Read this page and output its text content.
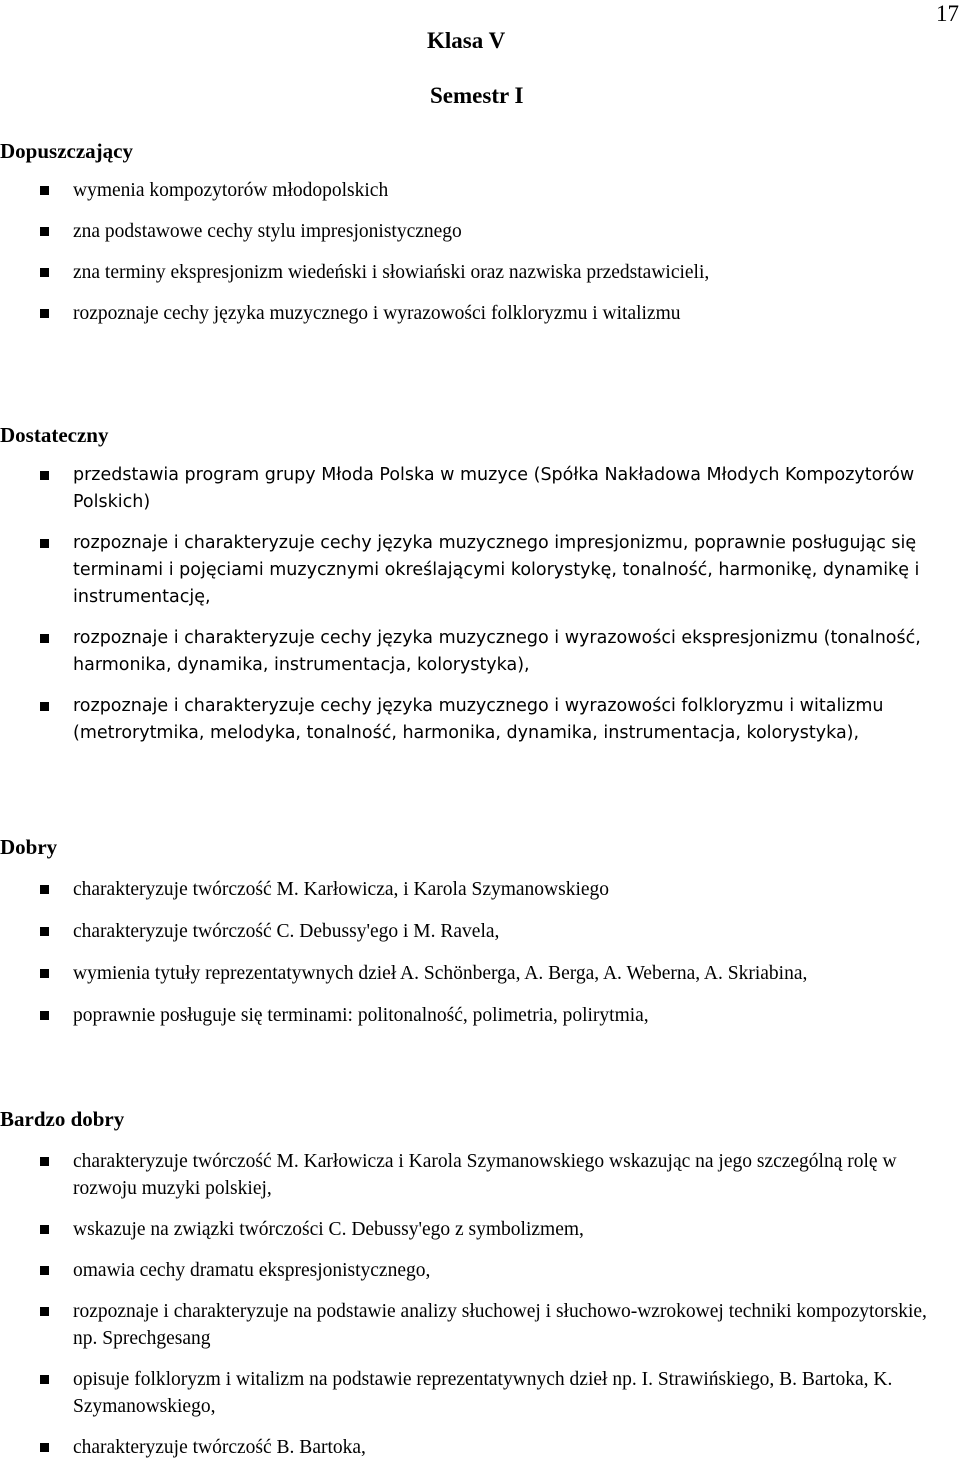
17
Klasa V
Semestr I
Dopuszczający
wymenia kompozytorów młodopolskich
zna podstawowe cechy stylu impresjonistycznego
zna terminy ekspresjonizm wiedeński i słowiański oraz nazwiska przedstawicieli,
rozpoznaje cechy języka muzycznego i wyrazowości folkloryzmu i witalizmu
Dostateczny
przedstawia program grupy Młoda Polska w muzyce (Spółka Nakładowa Młodych Kompozytorów Polskich)
rozpoznaje i charakteryzuje cechy języka muzycznego impresjonizmu, poprawnie posługując się terminami i pojęciami muzycznymi określającymi kolorystykę, tonalność, harmonikę, dynamikę i instrumentację,
rozpoznaje i charakteryzuje cechy języka muzycznego i wyrazowości ekspresjonizmu (tonalność, harmonika, dynamika, instrumentacja, kolorystyka),
rozpoznaje i charakteryzuje cechy języka muzycznego i wyrazowości folkloryzmu i witalizmu (metrorytmika, melodyka, tonalność, harmonika, dynamika, instrumentacja, kolorystyka),
Dobry
charakteryzuje twórczość M. Karłowicza, i Karola Szymanowskiego
charakteryzuje twórczość C. Debussy'ego i M. Ravela,
wymienia tytuły reprezentatywnych dzieł A. Schönberga, A. Berga, A. Weberna, A. Skriabina,
poprawnie posługuje się terminami: politonalność, polimetria, polirytmia,
Bardzo dobry
charakteryzuje twórczość M. Karłowicza i Karola Szymanowskiego wskazując na jego szczególną rolę w rozwoju muzyki polskiej,
wskazuje na związki twórczości C. Debussy'ego z symbolizmem,
omawia cechy dramatu ekspresjonistycznego,
rozpoznaje i charakteryzuje na podstawie analizy słuchowej i słuchowo-wzrokowej techniki kompozytorskie, np. Sprechgesang
opisuje folkloryzm i witalizm na podstawie reprezentatywnych dzieł np. I. Strawińskiego, B. Bartoka, K. Szymanowskiego,
charakteryzuje twórczość B. Bartoka,
